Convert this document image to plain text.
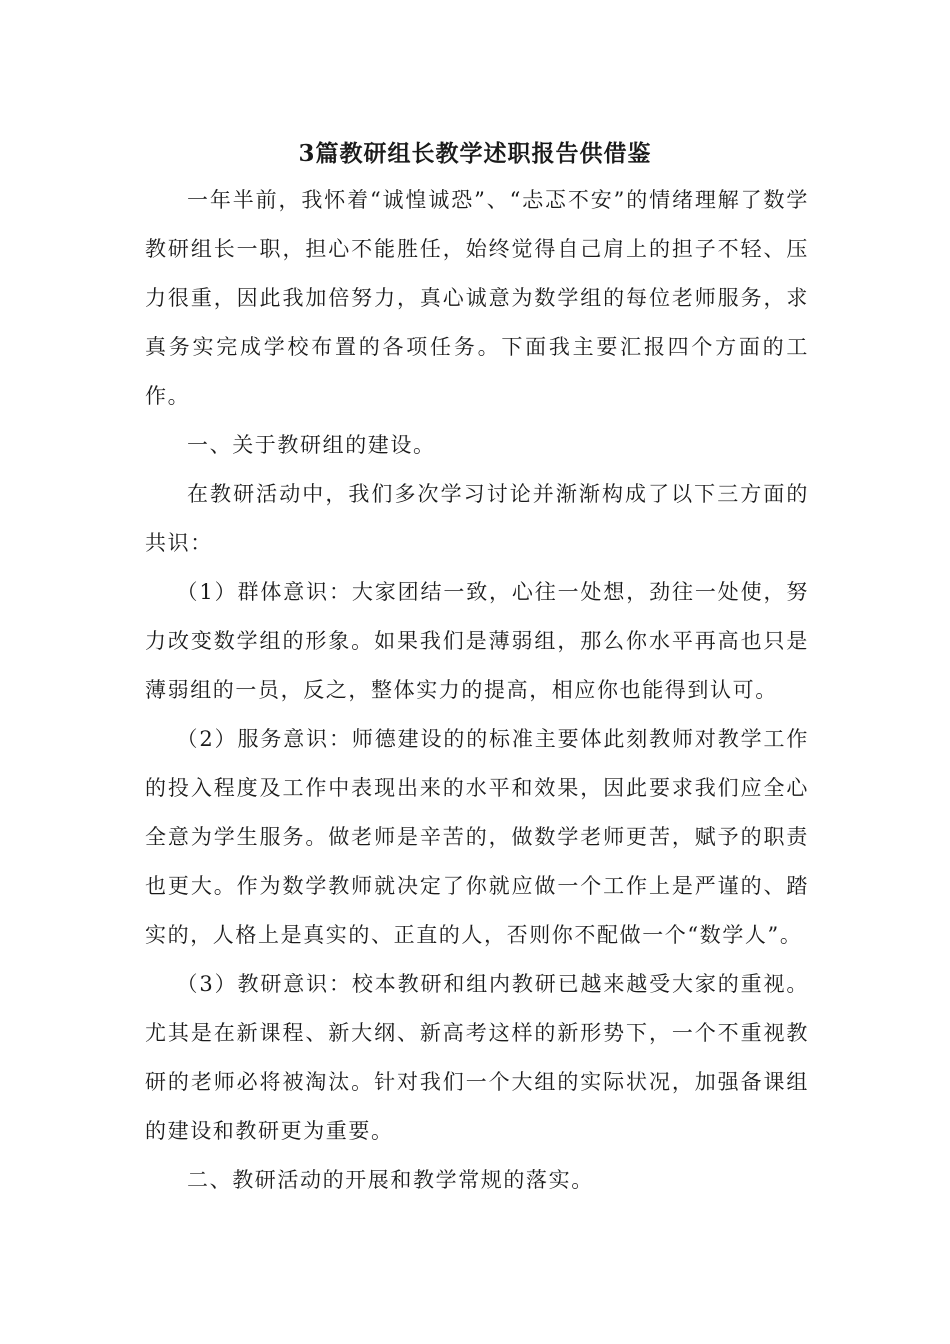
3篇教研组长教学述职报告供借鉴

一年半前，我怀着“诚惶诚恐”、“忐忑不安”的情绪理解了数学教研组长一职，担心不能胜任，始终觉得自己肩上的担子不轻、压力很重，因此我加倍努力，真心诚意为数学组的每位老师服务，求真务实完成学校布置的各项任务。下面我主要汇报四个方面的工作。

一、关于教研组的建设。

在教研活动中，我们多次学习讨论并渐渐构成了以下三方面的共识：

（1）群体意识：大家团结一致，心往一处想，劲往一处使，努力改变数学组的形象。如果我们是薄弱组，那么你水平再高也只是薄弱组的一员，反之，整体实力的提高，相应你也能得到认可。

（2）服务意识：师德建设的的标准主要体此刻教师对教学工作的投入程度及工作中表现出来的水平和效果，因此要求我们应全心全意为学生服务。做老师是辛苦的，做数学老师更苦，赋予的职责也更大。作为数学教师就决定了你就应做一个工作上是严谨的、踏实的，人格上是真实的、正直的人，否则你不配做一个“数学人”。

（3）教研意识：校本教研和组内教研已越来越受大家的重视。尤其是在新课程、新大纲、新高考这样的新形势下，一个不重视教研的老师必将被淘汰。针对我们一个大组的实际状况，加强备课组的建设和教研更为重要。

二、教研活动的开展和教学常规的落实。
